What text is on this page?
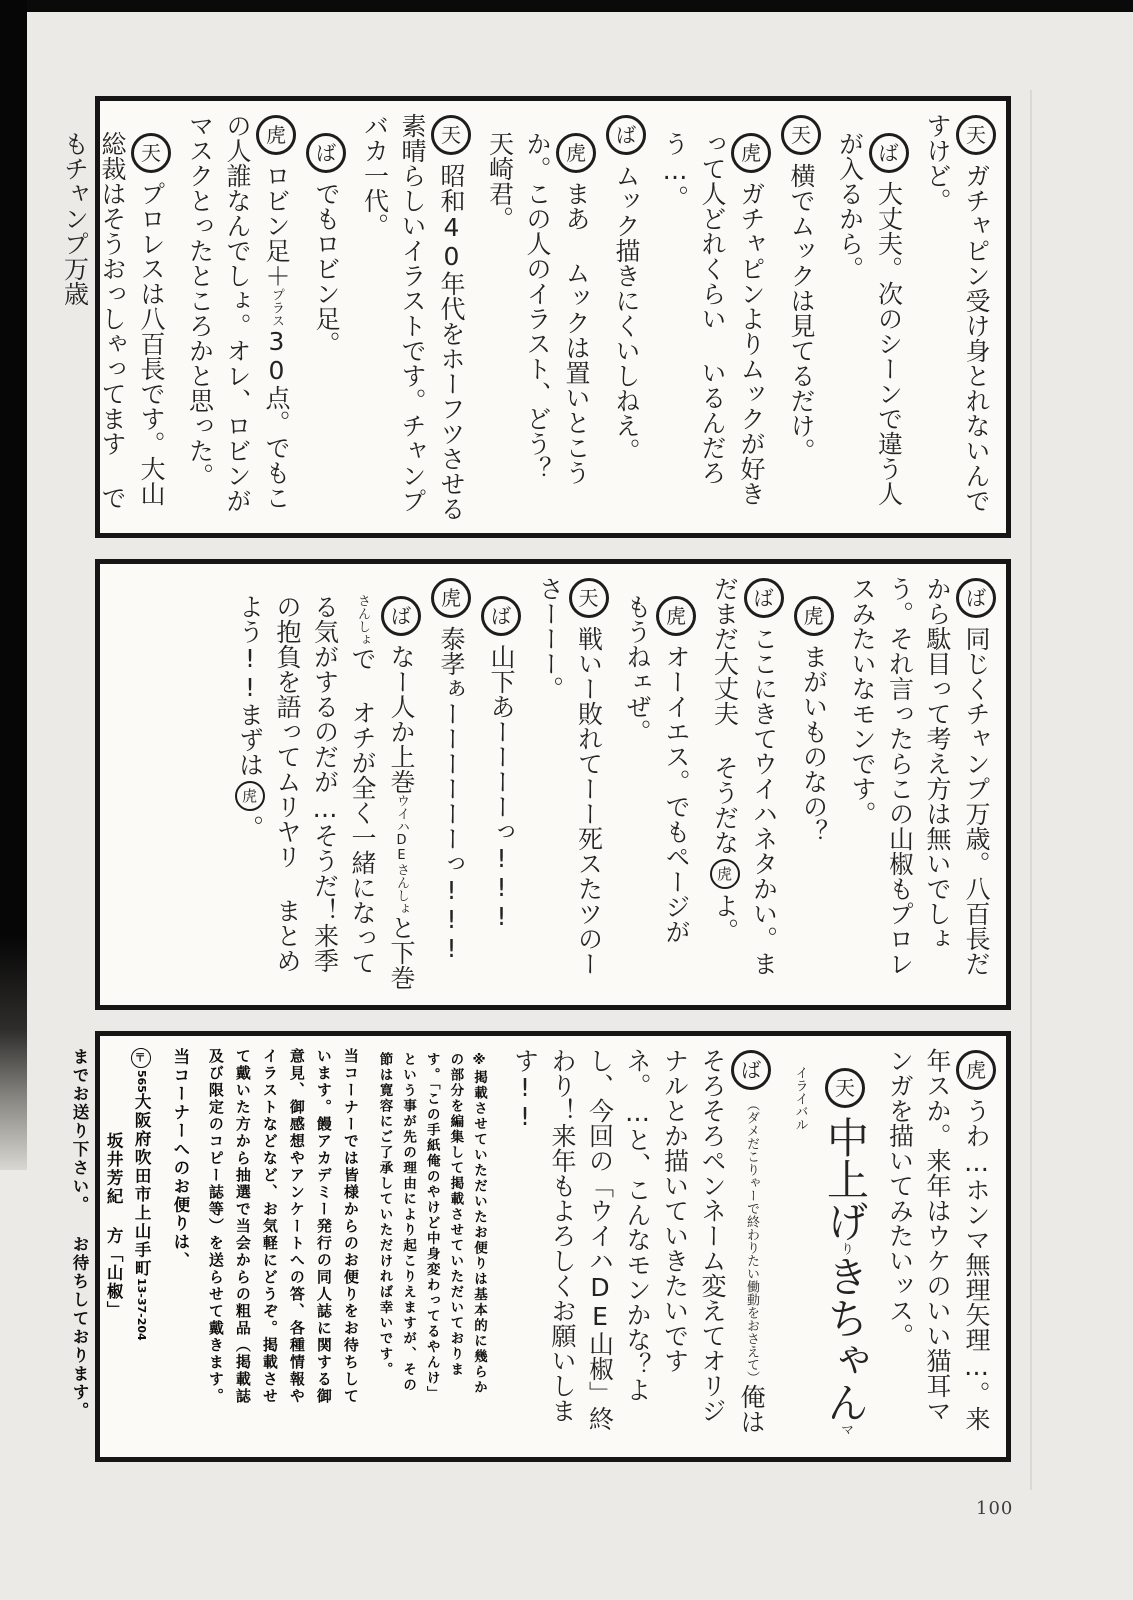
天ガチャピン受け身とれないんですけど。
ば大丈夫。次のシーンで違う人が入るから。
天横でムックは見てるだけ。
虎ガチャピンよりムックが好きって人どれくらい いるんだろう…。
ばムック描きにくいしねえ。
虎まあ ムックは置いとこうか。この人のイラスト、どう？ 天崎君。
天昭和40年代をホーフツさせる素晴らしいイラストです。チャンプバカ一代。
ばでもロビン足。
虎ロビン足＋プラス30点。でもこの人誰なんでしょ。オレ、ロビンがマスクとったところかと思った。
天プロレスは八百長です。大山総裁はそうおっしゃってます でもチャンプ万歳
ば同じくチャンプ万歳。八百長だから駄目って考え方は無いでしょう。それ言ったらこの山椒もプロレスみたいなモンです。
虎まがいものなの？
ばここにきてウイハネタかい。まだまだ大丈夫 そうだな虎よ。
虎オーイエス。でもページが もうねェぜ。
天戦いー敗れてーー死スたツのーさーーー。
ば山下あーーーーっ!!!
虎泰孝ぁーーーーーーっ!!!
ばなー人か上巻ウイハDEさんしょと下巻さんしょで オチが全く一緒になってる気がするのだが…そうだ！来季の抱負を語ってムリヤリ まとめよう!!まずは虎。
虎うわ…ホンマ無理矢理…。来年スか。来年はウケのいい猫耳マンガを描いてみたいッス。
天中上げりきちゃんマイライバル
ば（ダメだこりゃーで終わりたい働動をおさえて）俺はそろそろペンネーム変えてオリジナルとか描いていきたいですネ。…と、こんなモンかな？よし、今回の「ウイハDE山椒」終わり！来年もよろしくお願いします!!
※掲載させていただいたお便りは基本的に幾らかの部分を編集して掲載させていただいております。「この手紙俺のやけど中身変わってるやんけ」という事が先の理由により起こりえますが、その節は寛容にご了承していただければ幸いです。
当コーナーでは皆様からのお便りをお待ちしています。饅アカデミー発行の同人誌に関する御意見、御感想やアンケートへの答、各種情報やイラストなどなど、お気軽にどうぞ。掲載させて戴いた方から抽選で当会からの粗品（掲載誌及び限定のコピー誌等）を送らせて戴きます。
当コーナーへのお便りは、
〒565大阪府吹田市上山手町13-37-204
坂井芳紀 方「山椒」
までお送り下さい。 お待ちしております。
100
